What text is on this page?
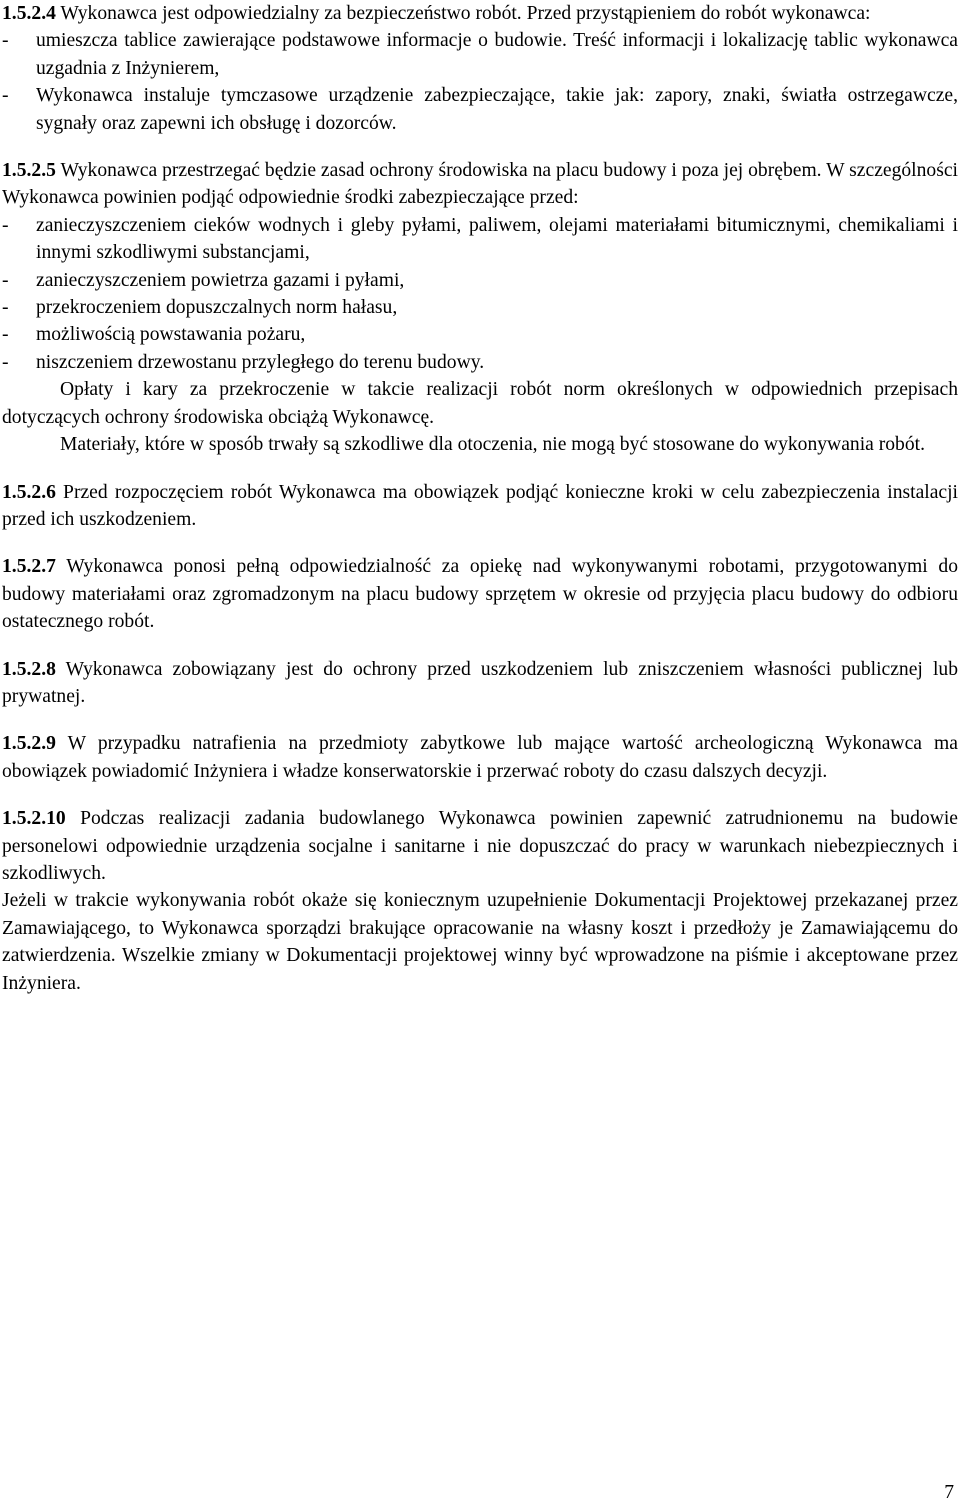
1.5.2.4 Wykonawca jest odpowiedzialny za bezpieczeństwo robót. Przed przystąpieniem do robót wykonawca:

- umieszcza tablice zawierające podstawowe informacje o budowie. Treść informacji i lokalizację tablic wykonawca uzgadnia z Inżynierem,
- Wykonawca instaluje tymczasowe urządzenie zabezpieczające, takie jak: zapory, znaki, światła ostrzegawcze, sygnały oraz zapewni ich obsługę i dozorców.

1.5.2.5 Wykonawca przestrzegać będzie zasad ochrony środowiska na placu budowy i poza jej obrębem. W szczególności Wykonawca powinien podjąć odpowiednie środki zabezpieczające przed:

- zanieczyszczeniem cieków wodnych i gleby pyłami, paliwem, olejami materiałami bitumicznymi, chemikaliami i innymi szkodliwymi substancjami,
- zanieczyszczeniem powietrza gazami i pyłami,
- przekroczeniem dopuszczalnych norm hałasu,
- możliwością powstawania pożaru,
- niszczeniem drzewostanu przyległego do terenu budowy.

Opłaty i kary za przekroczenie w takcie realizacji robót norm określonych w odpowiednich przepisach dotyczących ochrony środowiska obciążą Wykonawcę.

Materiały, które w sposób trwały są szkodliwe dla otoczenia, nie mogą być stosowane do wykonywania robót.

1.5.2.6 Przed rozpoczęciem robót Wykonawca ma obowiązek podjąć konieczne kroki w celu zabezpieczenia instalacji przed ich uszkodzeniem.

1.5.2.7 Wykonawca ponosi pełną odpowiedzialność za opiekę nad wykonywanymi robotami, przygotowanymi do budowy materiałami oraz zgromadzonym na placu budowy sprzętem w okresie od przyjęcia placu budowy do odbioru ostatecznego robót.

1.5.2.8 Wykonawca zobowiązany jest do ochrony przed uszkodzeniem lub zniszczeniem własności publicznej lub prywatnej.

1.5.2.9 W przypadku natrafienia na przedmioty zabytkowe lub mające wartość archeologiczną Wykonawca ma obowiązek powiadomić Inżyniera i władze konserwatorskie i przerwać roboty do czasu dalszych decyzji.

1.5.2.10 Podczas realizacji zadania budowlanego Wykonawca powinien zapewnić zatrudnionemu na budowie personelowi odpowiednie urządzenia socjalne i sanitarne i nie dopuszczać do pracy w warunkach niebezpiecznych i szkodliwych.

Jeżeli w trakcie wykonywania robót okaże się koniecznym uzupełnienie Dokumentacji Projektowej przekazanej przez Zamawiającego, to Wykonawca sporządzi brakujące opracowanie na własny koszt i przedłoży je Zamawiającemu do zatwierdzenia. Wszelkie zmiany w Dokumentacji projektowej winny być wprowadzone na piśmie i akceptowane przez Inżyniera.

7
